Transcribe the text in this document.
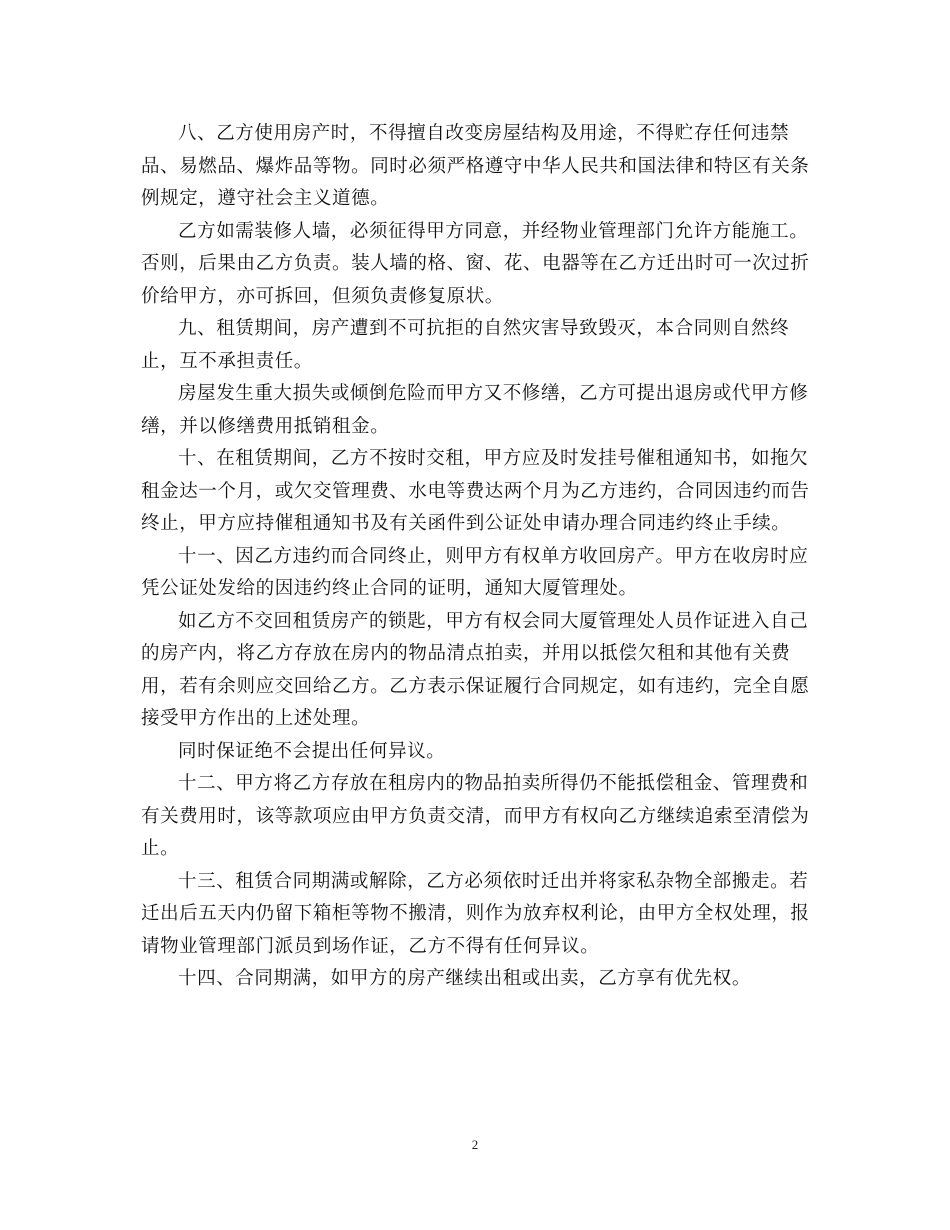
八、乙方使用房产时，不得擅自改变房屋结构及用途，不得贮存任何违禁
品、易燃品、爆炸品等物。同时必须严格遵守中华人民共和国法律和特区有关条
例规定，遵守社会主义道德。

乙方如需装修人墙，必须征得甲方同意，并经物业管理部门允许方能施工。
否则，后果由乙方负责。装人墙的格、窗、花、电器等在乙方迁出时可一次过折
价给甲方，亦可拆回，但须负责修复原状。

九、租赁期间，房产遭到不可抗拒的自然灾害导致毁灭，本合同则自然终
止，互不承担责任。

房屋发生重大损失或倾倒危险而甲方又不修缮，乙方可提出退房或代甲方修
缮，并以修缮费用抵销租金。

十、在租赁期间，乙方不按时交租，甲方应及时发挂号催租通知书，如拖欠
租金达一个月，或欠交管理费、水电等费达两个月为乙方违约，合同因违约而告
终止，甲方应持催租通知书及有关函件到公证处申请办理合同违约终止手续。

十一、因乙方违约而合同终止，则甲方有权单方收回房产。甲方在收房时应
凭公证处发给的因违约终止合同的证明，通知大厦管理处。

如乙方不交回租赁房产的锁匙，甲方有权会同大厦管理处人员作证进入自己
的房产内，将乙方存放在房内的物品清点拍卖，并用以抵偿欠租和其他有关费
用，若有余则应交回给乙方。乙方表示保证履行合同规定，如有违约，完全自愿
接受甲方作出的上述处理。

同时保证绝不会提出任何异议。

十二、甲方将乙方存放在租房内的物品拍卖所得仍不能抵偿租金、管理费和
有关费用时，该等款项应由甲方负责交清，而甲方有权向乙方继续追索至清偿为
止。

十三、租赁合同期满或解除，乙方必须依时迁出并将家私杂物全部搬走。若
迁出后五天内仍留下箱柜等物不搬清，则作为放弃权利论，由甲方全权处理，报
请物业管理部门派员到场作证，乙方不得有任何异议。

十四、合同期满，如甲方的房产继续出租或出卖，乙方享有优先权。

2
